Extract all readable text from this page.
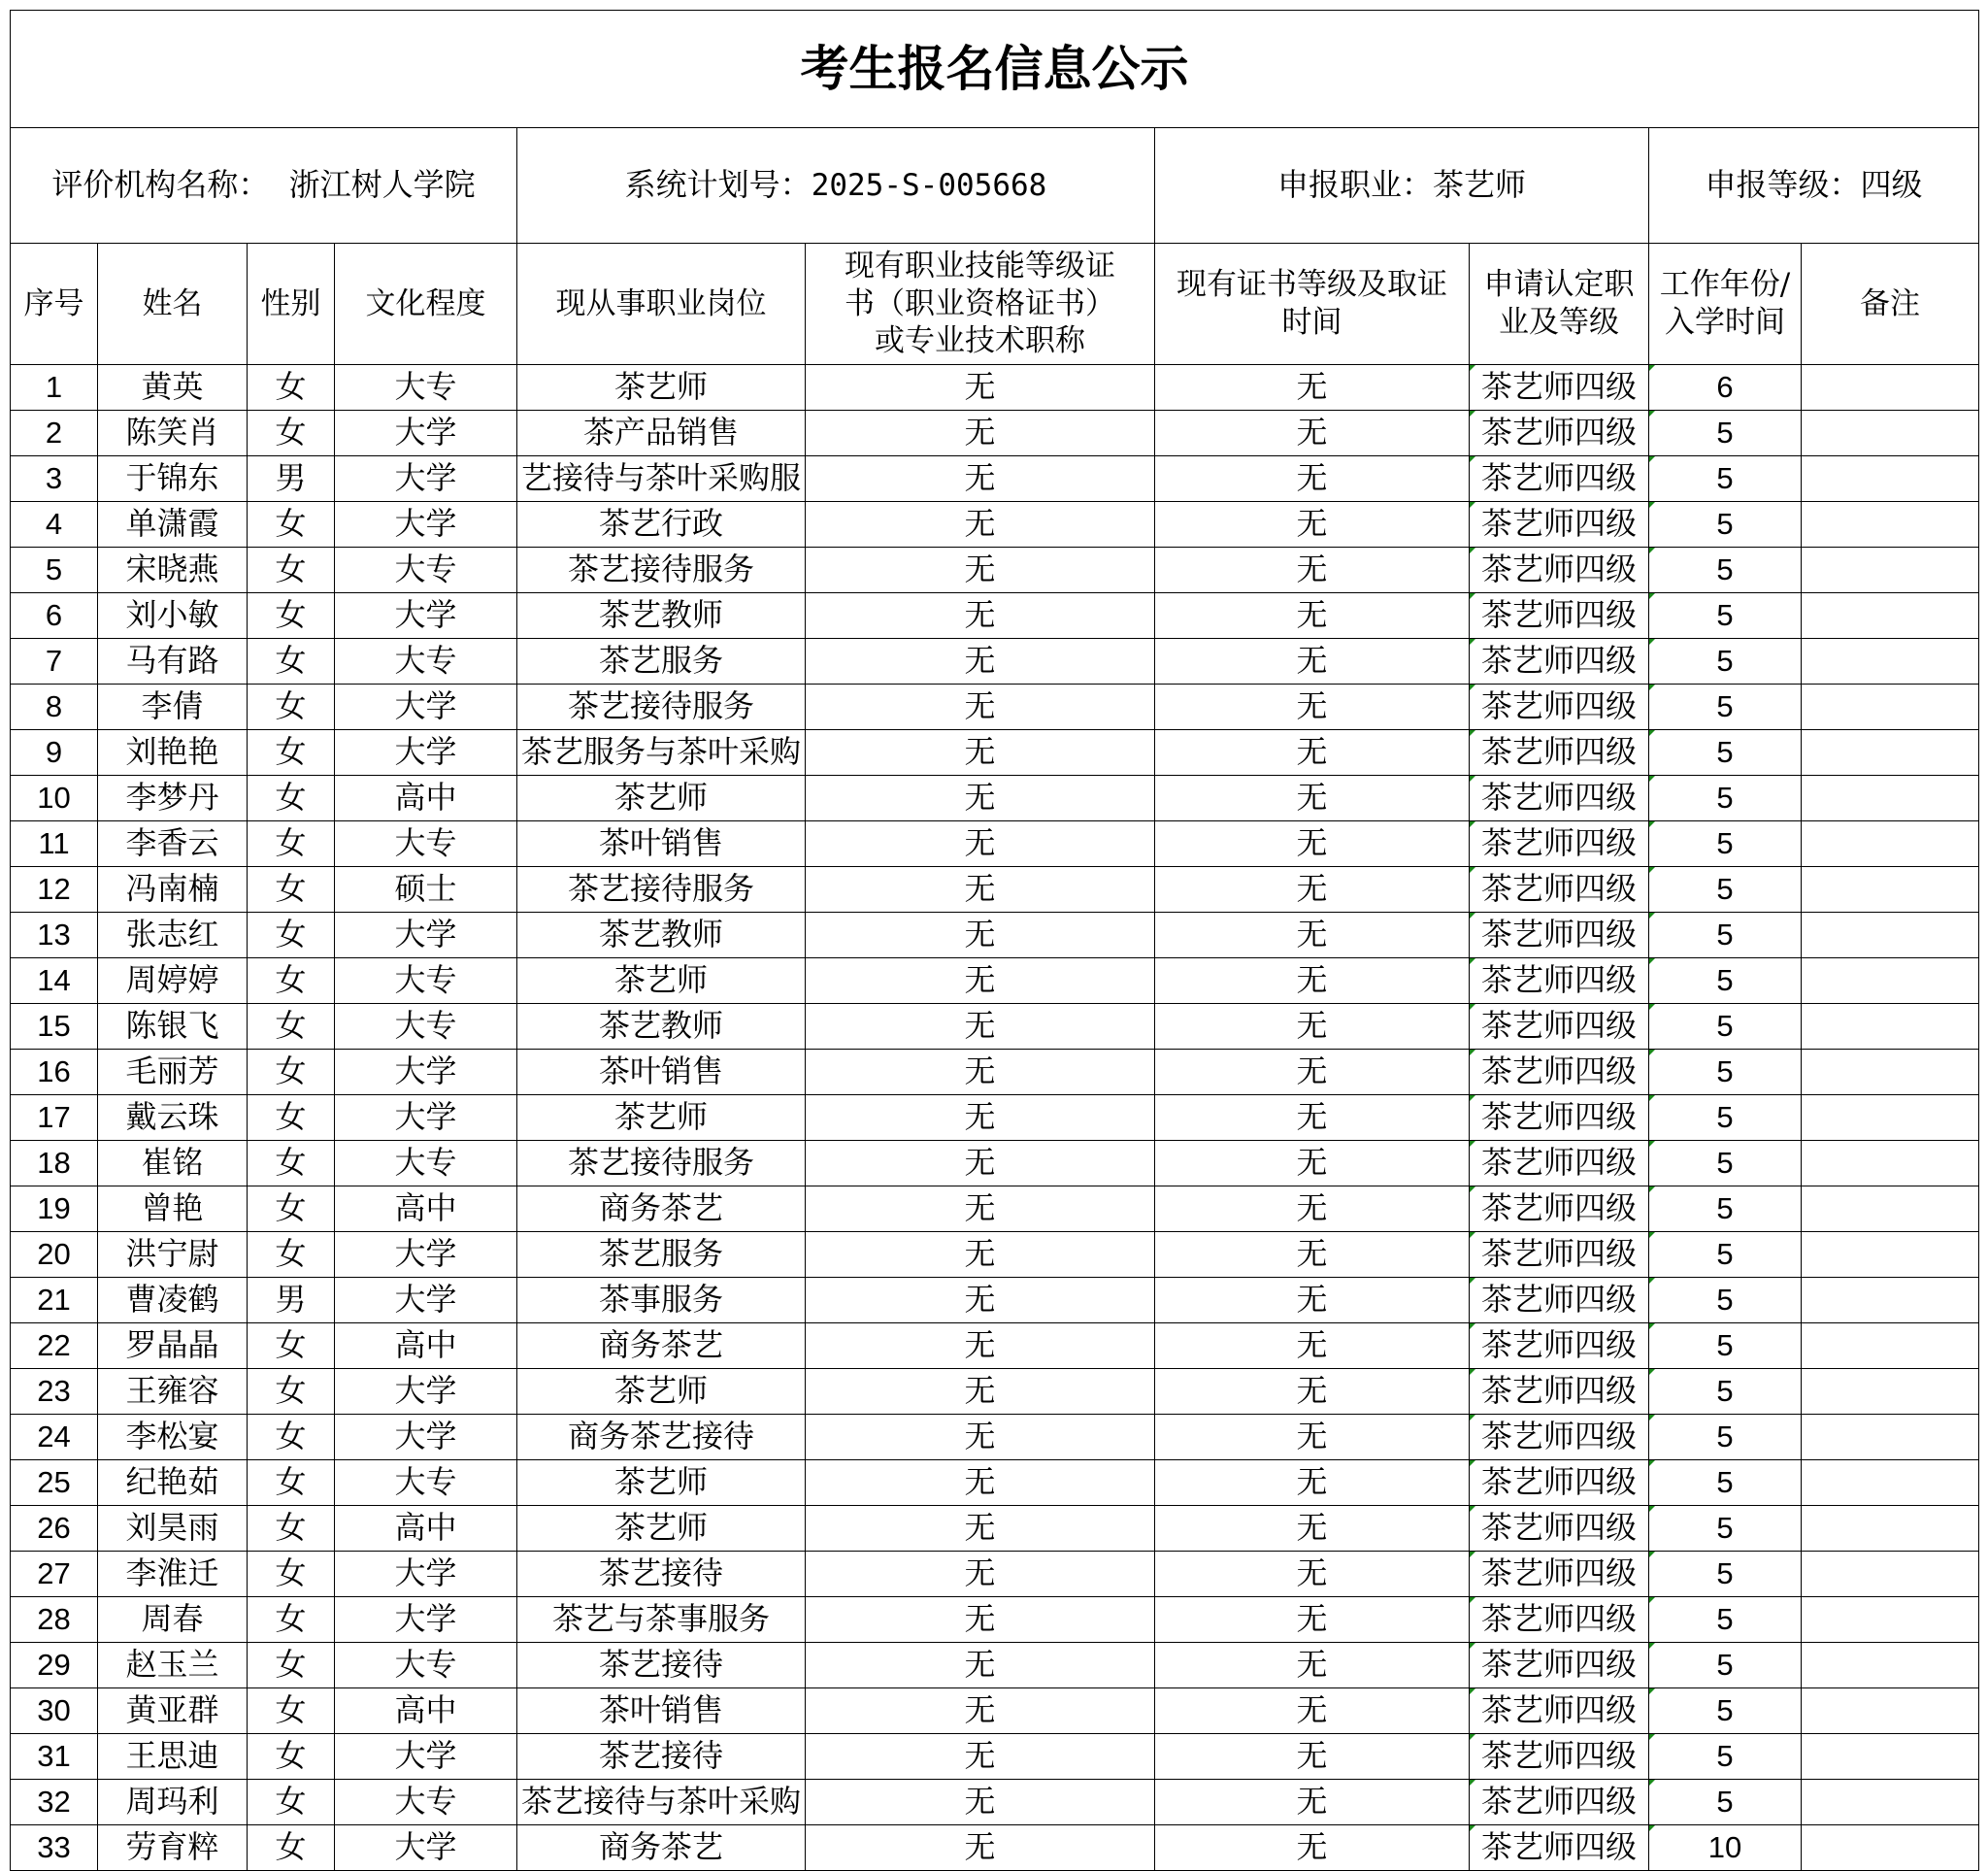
考生报名信息公示									
评价机构名称： 浙江树人学院				系统计划号：2025-S-005668		申报职业：茶艺师		申报等级：四级	
序号	姓名	性别	文化程度	现从事职业岗位	现有职业技能等级证书（职业资格证书）或专业技术职称	现有证书等级及取证时间	申请认定职业及等级	工作年份/入学时间	备注
1	黄英	女	大专	茶艺师	无	无	茶艺师四级	6	
2	陈笑肖	女	大学	茶产品销售	无	无	茶艺师四级	5	
3	于锦东	男	大学	艺接待与茶叶采购服	无	无	茶艺师四级	5	
4	单潇霞	女	大学	茶艺行政	无	无	茶艺师四级	5	
5	宋晓燕	女	大专	茶艺接待服务	无	无	茶艺师四级	5	
6	刘小敏	女	大学	茶艺教师	无	无	茶艺师四级	5	
7	马有路	女	大专	茶艺服务	无	无	茶艺师四级	5	
8	李倩	女	大学	茶艺接待服务	无	无	茶艺师四级	5	
9	刘艳艳	女	大学	茶艺服务与茶叶采购	无	无	茶艺师四级	5	
10	李梦丹	女	高中	茶艺师	无	无	茶艺师四级	5	
11	李香云	女	大专	茶叶销售	无	无	茶艺师四级	5	
12	冯南楠	女	硕士	茶艺接待服务	无	无	茶艺师四级	5	
13	张志红	女	大学	茶艺教师	无	无	茶艺师四级	5	
14	周婷婷	女	大专	茶艺师	无	无	茶艺师四级	5	
15	陈银飞	女	大专	茶艺教师	无	无	茶艺师四级	5	
16	毛丽芳	女	大学	茶叶销售	无	无	茶艺师四级	5	
17	戴云珠	女	大学	茶艺师	无	无	茶艺师四级	5	
18	崔铭	女	大专	茶艺接待服务	无	无	茶艺师四级	5	
19	曾艳	女	高中	商务茶艺	无	无	茶艺师四级	5	
20	洪宁尉	女	大学	茶艺服务	无	无	茶艺师四级	5	
21	曹凌鹤	男	大学	茶事服务	无	无	茶艺师四级	5	
22	罗晶晶	女	高中	商务茶艺	无	无	茶艺师四级	5	
23	王雍容	女	大学	茶艺师	无	无	茶艺师四级	5	
24	李松宴	女	大学	商务茶艺接待	无	无	茶艺师四级	5	
25	纪艳茹	女	大专	茶艺师	无	无	茶艺师四级	5	
26	刘昊雨	女	高中	茶艺师	无	无	茶艺师四级	5	
27	李淮迁	女	大学	茶艺接待	无	无	茶艺师四级	5	
28	周春	女	大学	茶艺与茶事服务	无	无	茶艺师四级	5	
29	赵玉兰	女	大专	茶艺接待	无	无	茶艺师四级	5	
30	黄亚群	女	高中	茶叶销售	无	无	茶艺师四级	5	
31	王思迪	女	大学	茶艺接待	无	无	茶艺师四级	5	
32	周玛利	女	大专	茶艺接待与茶叶采购	无	无	茶艺师四级	5	
33	劳育粹	女	大学	商务茶艺	无	无	茶艺师四级	10	
